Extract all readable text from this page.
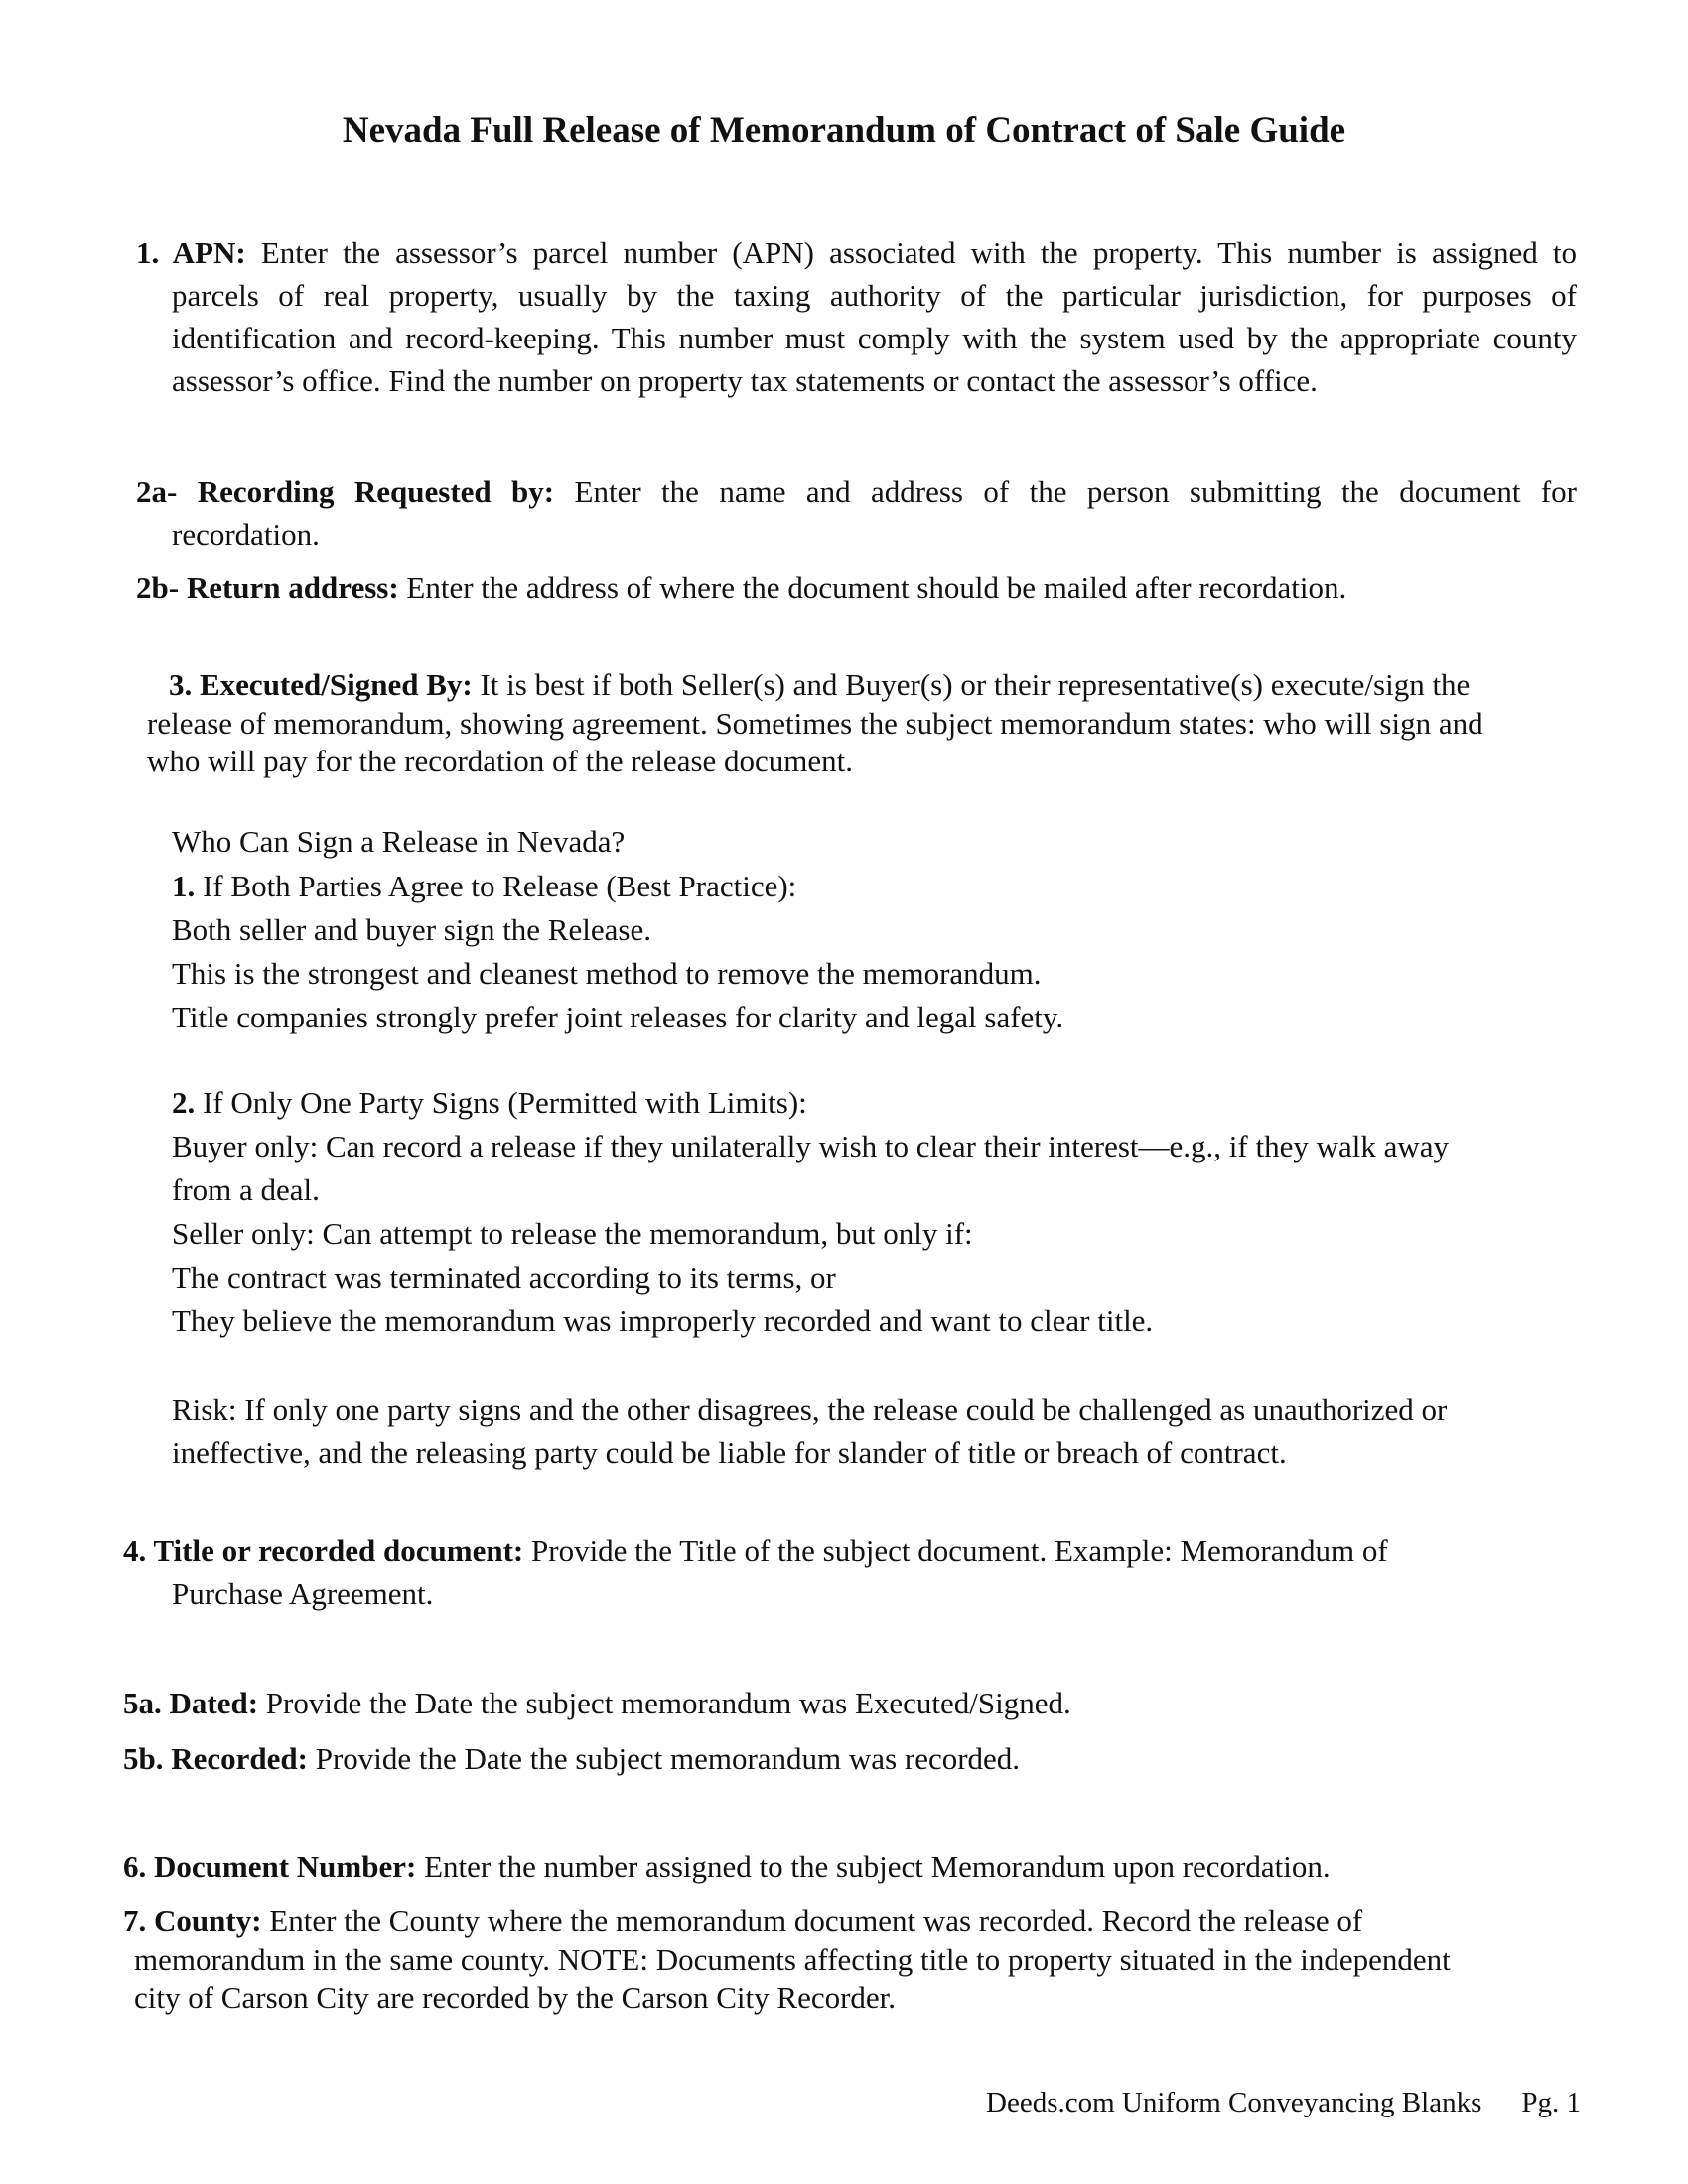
Nevada Full Release of Memorandum of Contract of Sale Guide
1. APN: Enter the assessor’s parcel number (APN) associated with the property. This number is assigned to
parcels of real property, usually by the taxing authority of the particular jurisdiction, for purposes of
identification and record-keeping. This number must comply with the system used by the appropriate county
assessor’s office. Find the number on property tax statements or contact the assessor’s office.
2a- Recording Requested by: Enter the name and address of the person submitting the document for
recordation.
2b- Return address: Enter the address of where the document should be mailed after recordation.
3. Executed/Signed By: It is best if both Seller(s) and Buyer(s) or their representative(s) execute/sign the
release of memorandum, showing agreement. Sometimes the subject memorandum states: who will sign and
who will pay for the recordation of the release document.
Who Can Sign a Release in Nevada?
1. If Both Parties Agree to Release (Best Practice):
Both seller and buyer sign the Release.
This is the strongest and cleanest method to remove the memorandum.
Title companies strongly prefer joint releases for clarity and legal safety.
2. If Only One Party Signs (Permitted with Limits):
Buyer only: Can record a release if they unilaterally wish to clear their interest—e.g., if they walk away
from a deal.
Seller only: Can attempt to release the memorandum, but only if:
The contract was terminated according to its terms, or
They believe the memorandum was improperly recorded and want to clear title.
Risk: If only one party signs and the other disagrees, the release could be challenged as unauthorized or
ineffective, and the releasing party could be liable for slander of title or breach of contract.
4. Title or recorded document: Provide the Title of the subject document. Example: Memorandum of
Purchase Agreement.
5a. Dated: Provide the Date the subject memorandum was Executed/Signed.
5b. Recorded: Provide the Date the subject memorandum was recorded.
6. Document Number: Enter the number assigned to the subject Memorandum upon recordation.
7. County: Enter the County where the memorandum document was recorded. Record the release of
memorandum in the same county. NOTE: Documents affecting title to property situated in the independent
city of Carson City are recorded by the Carson City Recorder.
Deeds.com Uniform Conveyancing Blanks Pg. 1
